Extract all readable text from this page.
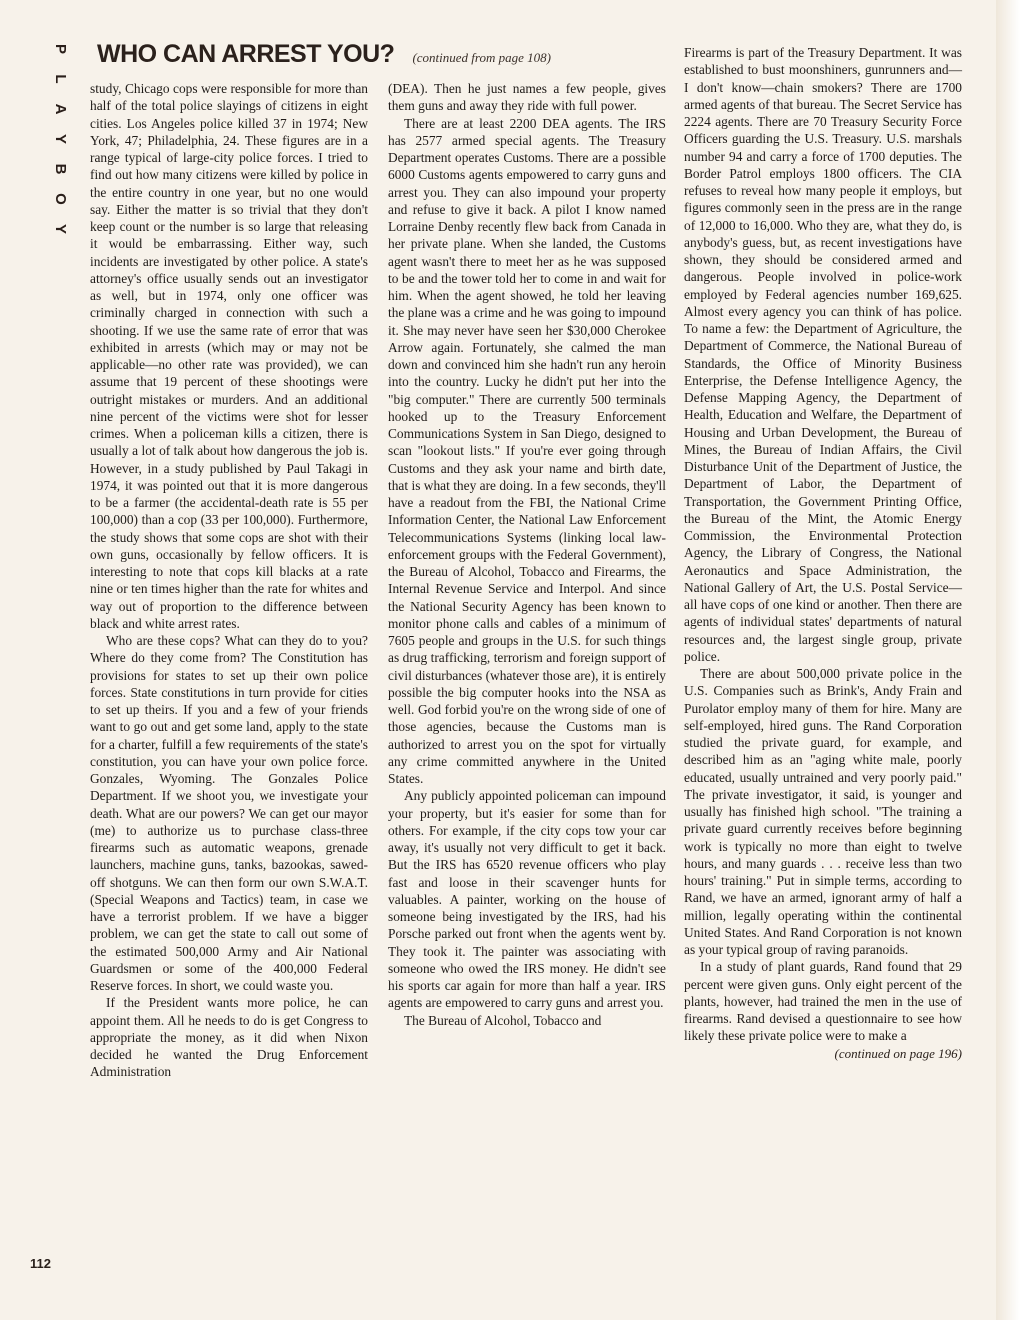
P
L
A
Y
B
O
Y
WHO CAN ARREST YOU? (continued from page 108)

study, Chicago cops were responsible for more than half of the total police slayings of citizens in eight cities. Los Angeles police killed 37 in 1974; New York, 47; Philadelphia, 24. These figures are in a range typical of large-city police forces. I tried to find out how many citizens were killed by police in the entire country in one year, but no one would say. Either the matter is so trivial that they don't keep count or the number is so large that releasing it would be embarrassing. Either way, such incidents are investigated by other police. A state's attorney's office usually sends out an investigator as well, but in 1974, only one officer was criminally charged in connection with such a shooting. If we use the same rate of error that was exhibited in arrests (which may or may not be applicable—no other rate was provided), we can assume that 19 percent of these shootings were outright mistakes or murders. And an additional nine percent of the victims were shot for lesser crimes. When a policeman kills a citizen, there is usually a lot of talk about how dangerous the job is. However, in a study published by Paul Takagi in 1974, it was pointed out that it is more dangerous to be a farmer (the accidental-death rate is 55 per 100,000) than a cop (33 per 100,000). Furthermore, the study shows that some cops are shot with their own guns, occasionally by fellow officers. It is interesting to note that cops kill blacks at a rate nine or ten times higher than the rate for whites and way out of proportion to the difference between black and white arrest rates.

Who are these cops? What can they do to you? Where do they come from? The Constitution has provisions for states to set up their own police forces. State constitutions in turn provide for cities to set up theirs. If you and a few of your friends want to go out and get some land, apply to the state for a charter, fulfill a few requirements of the state's constitution, you can have your own police force. Gonzales, Wyoming. The Gonzales Police Department. If we shoot you, we investigate your death. What are our powers? We can get our mayor (me) to authorize us to purchase class-three firearms such as automatic weapons, grenade launchers, machine guns, tanks, bazookas, sawed-off shotguns. We can then form our own S.W.A.T. (Special Weapons and Tactics) team, in case we have a terrorist problem. If we have a bigger problem, we can get the state to call out some of the estimated 500,000 Army and Air National Guardsmen or some of the 400,000 Federal Reserve forces. In short, we could waste you.

If the President wants more police, he can appoint them. All he needs to do is get Congress to appropriate the money, as it did when Nixon decided he wanted the Drug Enforcement Administration

(DEA). Then he just names a few people, gives them guns and away they ride with full power.

There are at least 2200 DEA agents. The IRS has 2577 armed special agents. The Treasury Department operates Customs. There are a possible 6000 Customs agents empowered to carry guns and arrest you. They can also impound your property and refuse to give it back. A pilot I know named Lorraine Denby recently flew back from Canada in her private plane. When she landed, the Customs agent wasn't there to meet her as he was supposed to be and the tower told her to come in and wait for him. When the agent showed, he told her leaving the plane was a crime and he was going to impound it. She may never have seen her $30,000 Cherokee Arrow again. Fortunately, she calmed the man down and convinced him she hadn't run any heroin into the country. Lucky he didn't put her into the "big computer." There are currently 500 terminals hooked up to the Treasury Enforcement Communications System in San Diego, designed to scan "lookout lists." If you're ever going through Customs and they ask your name and birth date, that is what they are doing. In a few seconds, they'll have a readout from the FBI, the National Crime Information Center, the National Law Enforcement Telecommunications Systems (linking local law-enforcement groups with the Federal Government), the Bureau of Alcohol, Tobacco and Firearms, the Internal Revenue Service and Interpol. And since the National Security Agency has been known to monitor phone calls and cables of a minimum of 7605 people and groups in the U.S. for such things as drug trafficking, terrorism and foreign support of civil disturbances (whatever those are), it is entirely possible the big computer hooks into the NSA as well. God forbid you're on the wrong side of one of those agencies, because the Customs man is authorized to arrest you on the spot for virtually any crime committed anywhere in the United States.

Any publicly appointed policeman can impound your property, but it's easier for some than for others. For example, if the city cops tow your car away, it's usually not very difficult to get it back. But the IRS has 6520 revenue officers who play fast and loose in their scavenger hunts for valuables. A painter, working on the house of someone being investigated by the IRS, had his Porsche parked out front when the agents went by. They took it. The painter was associating with someone who owed the IRS money. He didn't see his sports car again for more than half a year. IRS agents are empowered to carry guns and arrest you.

The Bureau of Alcohol, Tobacco and

Firearms is part of the Treasury Department. It was established to bust moonshiners, gunrunners and—I don't know—chain smokers? There are 1700 armed agents of that bureau. The Secret Service has 2224 agents. There are 70 Treasury Security Force Officers guarding the U.S. Treasury. U.S. marshals number 94 and carry a force of 1700 deputies. The Border Patrol employs 1800 officers. The CIA refuses to reveal how many people it employs, but figures commonly seen in the press are in the range of 12,000 to 16,000. Who they are, what they do, is anybody's guess, but, as recent investigations have shown, they should be considered armed and dangerous. People involved in police-work employed by Federal agencies number 169,625. Almost every agency you can think of has police. To name a few: the Department of Agriculture, the Department of Commerce, the National Bureau of Standards, the Office of Minority Business Enterprise, the Defense Intelligence Agency, the Defense Mapping Agency, the Department of Health, Education and Welfare, the Department of Housing and Urban Development, the Bureau of Mines, the Bureau of Indian Affairs, the Civil Disturbance Unit of the Department of Justice, the Department of Labor, the Department of Transportation, the Government Printing Office, the Bureau of the Mint, the Atomic Energy Commission, the Environmental Protection Agency, the Library of Congress, the National Aeronautics and Space Administration, the National Gallery of Art, the U.S. Postal Service—all have cops of one kind or another. Then there are agents of individual states' departments of natural resources and, the largest single group, private police.

There are about 500,000 private police in the U.S. Companies such as Brink's, Andy Frain and Purolator employ many of them for hire. Many are self-employed, hired guns. The Rand Corporation studied the private guard, for example, and described him as an "aging white male, poorly educated, usually untrained and very poorly paid." The private investigator, it said, is younger and usually has finished high school. "The training a private guard currently receives before beginning work is typically no more than eight to twelve hours, and many guards . . . receive less than two hours' training." Put in simple terms, according to Rand, we have an armed, ignorant army of half a million, legally operating within the continental United States. And Rand Corporation is not known as your typical group of raving paranoids.

In a study of plant guards, Rand found that 29 percent were given guns. Only eight percent of the plants, however, had trained the men in the use of firearms. Rand devised a questionnaire to see how likely these private police were to make a

(continued on page 196)
112
